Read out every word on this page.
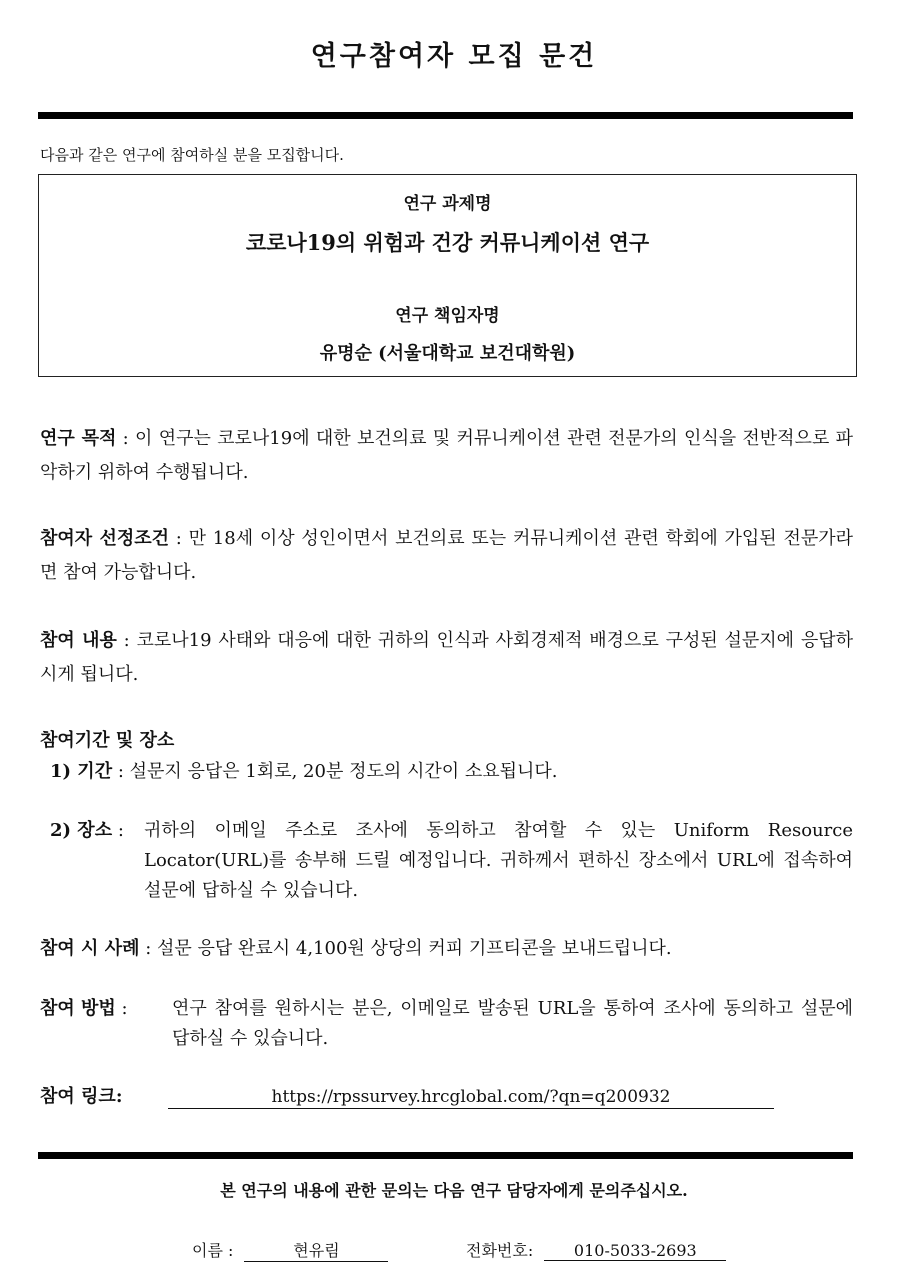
연구참여자 모집 문건
다음과 같은 연구에 참여하실 분을 모집합니다.
연구 과제명
코로나19의 위험과 건강 커뮤니케이션 연구
연구 책임자명
유명순 (서울대학교 보건대학원)
연구 목적 : 이 연구는 코로나19에 대한 보건의료 및 커뮤니케이션 관련 전문가의 인식을 전반적으로 파악하기 위하여 수행됩니다.
참여자 선정조건 : 만 18세 이상 성인이면서 보건의료 또는 커뮤니케이션 관련 학회에 가입된 전문가라면 참여 가능합니다.
참여 내용 : 코로나19 사태와 대응에 대한 귀하의 인식과 사회경제적 배경으로 구성된 설문지에 응답하시게 됩니다.
참여기간 및 장소
1) 기간 : 설문지 응답은 1회로, 20분 정도의 시간이 소요됩니다.
2) 장소 :	귀하의 이메일 주소로 조사에 동의하고 참여할 수 있는 Uniform Resource Locator(URL)를 송부해 드릴 예정입니다. 귀하께서 편하신 장소에서 URL에 접속하여 설문에 답하실 수 있습니다.
참여 시 사례 : 설문 응답 완료시 4,100원 상당의 커피 기프티콘을 보내드립니다.
참여 방법 :	연구 참여를 원하시는 분은, 이메일로 발송된 URL을 통하여 조사에 동의하고 설문에 답하실 수 있습니다.
참여 링크:	https://rpssurvey.hrcglobal.com/?qn=q200932
본 연구의 내용에 관한 문의는 다음 연구 담당자에게 문의주십시오.
이름 :	현유림	전화번호:	010-5033-2693
